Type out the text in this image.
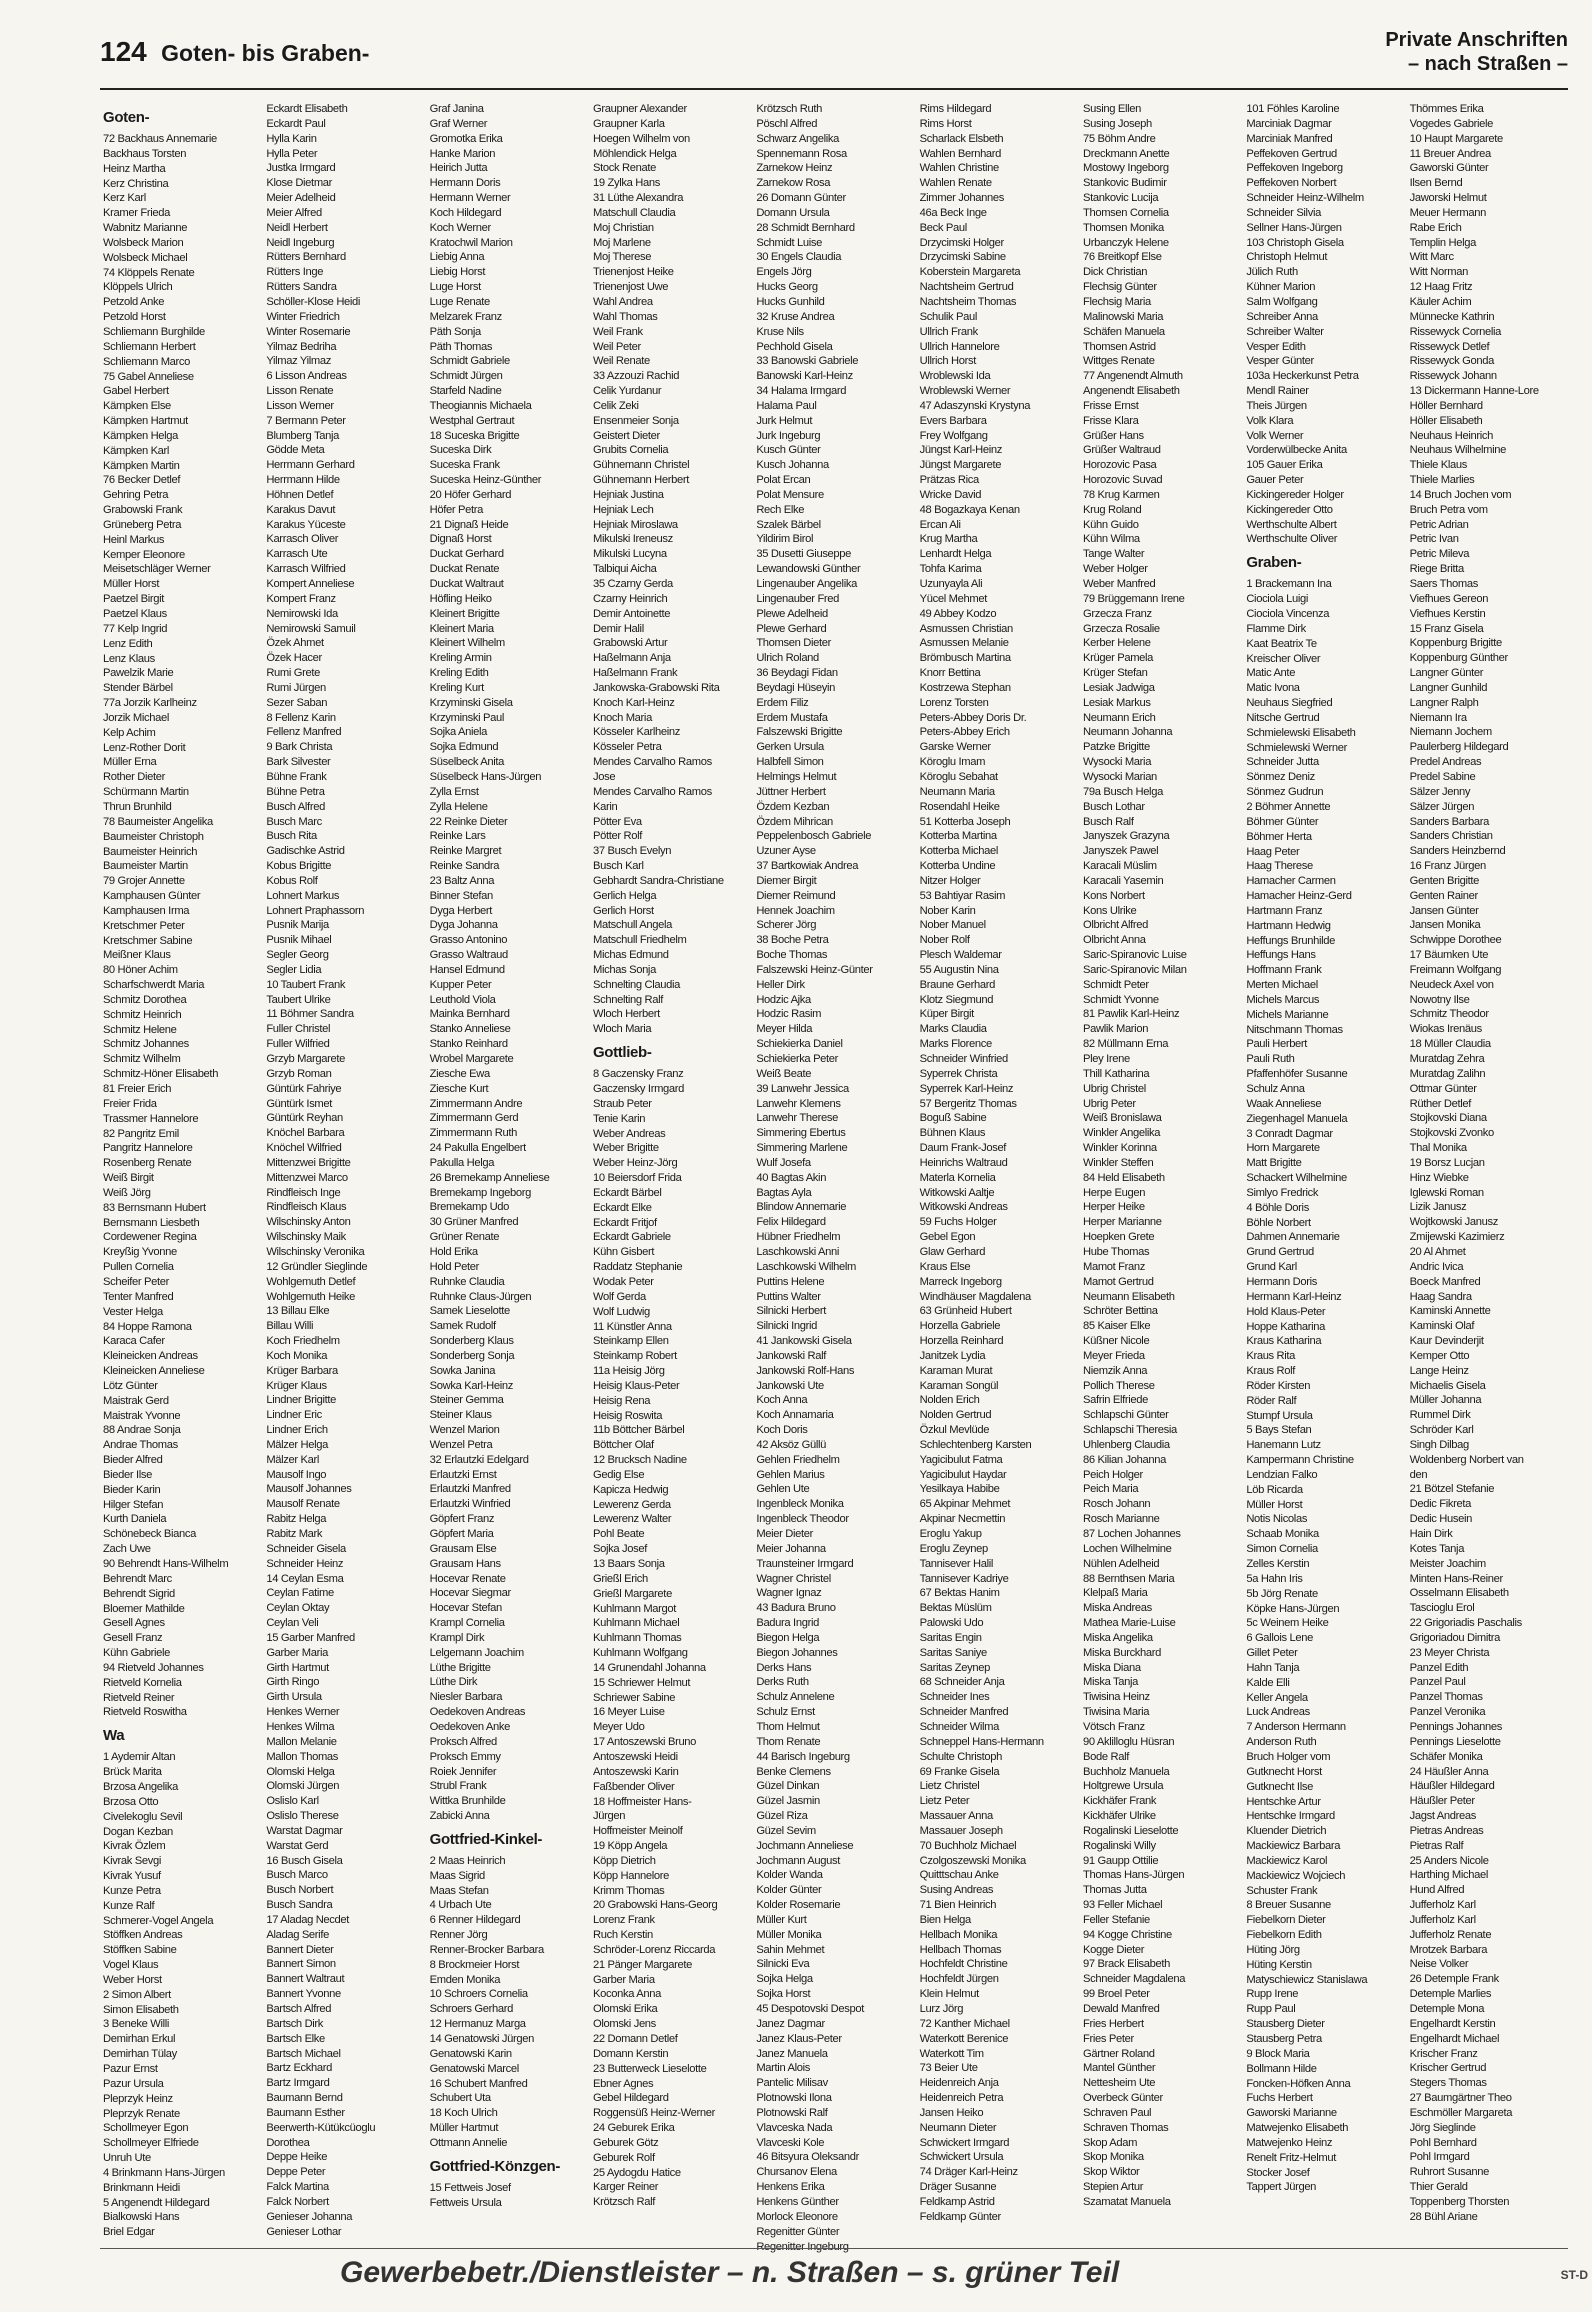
124 Goten- bis Graben-	Private Anschriften
– nach Straßen –
Goten-
72 Backhaus Annemarie
Backhaus Torsten
Heinz Martha
Kerz Christina
Kerz Karl
Kramer Frieda
Wabnitz Marianne
Wolsbeck Marion
Wolsbeck Michael
74 Klöppels Renate
Klöppels Ulrich
Petzold Anke
Petzold Horst
Schliemann Burghilde
Schliemann Herbert
Schliemann Marco
75 Gabel Anneliese
Gabel Herbert
Kämpken Else
Kämpken Hartmut
Kämpken Helga
Kämpken Karl
Kämpken Martin
76 Becker Detlef
Gehring Petra
Grabowski Frank
Grüneberg Petra
Heinl Markus
Kemper Eleonore
Meisetschläger Werner
Müller Horst
Paetzel Birgit
Paetzel Klaus
77 Kelp Ingrid
Lenz Edith
Lenz Klaus
Pawelzik Marie
Stender Bärbel
77a Jorzik Karlheinz
Jorzik Michael
Kelp Achim
Lenz-Rother Dorit
Müller Erna
Rother Dieter
Schürmann Martin
Thrun Brunhild
78 Baumeister Angelika
Baumeister Christoph
Baumeister Heinrich
Baumeister Martin
79 Grojer Annette
Kamphausen Günter
Kamphausen Irma
Kretschmer Peter
Kretschmer Sabine
Meißner Klaus
80 Höner Achim
Scharfschwerdt Maria
Schmitz Dorothea
Schmitz Heinrich
Schmitz Helene
Schmitz Johannes
Schmitz Wilhelm
Schmitz-Höner Elisabeth
81 Freier Erich
Freier Frida
Trassmer Hannelore
82 Pangritz Emil
Pangritz Hannelore
Rosenberg Renate
Weiß Birgit
Weiß Jörg
83 Bernsmann Hubert
Bernsmann Liesbeth
Cordewener Regina
Kreyßig Yvonne
Pullen Cornelia
Scheifer Peter
Tenter Manfred
Vester Helga
84 Hoppe Ramona
Karaca Cafer
Kleineicken Andreas
Kleineicken Anneliese
Lötz Günter
Maistrak Gerd
Maistrak Yvonne
88 Andrae Sonja
Andrae Thomas
Bieder Alfred
Bieder Ilse
Bieder Karin
Hilger Stefan
Kurth Daniela
Schönebeck Bianca
Zach Uwe
90 Behrendt Hans-Wilhelm
Behrendt Marc
Behrendt Sigrid
Bloemer Mathilde
Gesell Agnes
Gesell Franz
Kühn Gabriele
94 Rietveld Johannes
Rietveld Kornelia
Rietveld Reiner
Rietveld Roswitha
Wa
1 Aydemir Altan
Brück Marita
Brzosa Angelika
Brzosa Otto
Civelekoglu Sevil
Dogan Kezban
Kivrak Özlem
Kivrak Sevgi
Kivrak Yusuf
Kunze Petra
Kunze Ralf
Schmerer-Vogel Angela
Stöffken Andreas
Stöffken Sabine
Vogel Klaus
Weber Horst
2 Simon Albert
Simon Elisabeth
3 Beneke Willi
Demirhan Erkul
Demirhan Tülay
Pazur Ernst
Pazur Ursula
Pleprzyk Heinz
Pleprzyk Renate
Schollmeyer Egon
Schollmeyer Elfriede
Unruh Ute
4 Brinkmann Hans-Jürgen
Brinkmann Heidi
5 Angenendt Hildegard
Bialkowski Hans
Briel Edgar
Eckardt Elisabeth
Eckardt Paul
Hylla Karin
Hylla Peter
Justka Irmgard
Klose Dietmar
Meier Adelheid
Meier Alfred
Neidl Herbert
Neidl Ingeburg
Rütters Bernhard
Rütters Inge
Rütters Sandra
Schöller-Klose Heidi
Winter Friedrich
Winter Rosemarie
Yilmaz Bedriha
Yilmaz Yilmaz
6 Lisson Andreas
Lisson Renate
Lisson Werner
7 Bermann Peter
Blumberg Tanja
Gödde Meta
Herrmann Gerhard
Herrmann Hilde
Höhnen Detlef
Karakus Davut
Karakus Yüceste
Karrasch Oliver
Karrasch Ute
Karrasch Wilfried
Kompert Anneliese
Kompert Franz
Nemirowski Ida
Nemirowski Samuil
Özek Ahmet
Özek Hacer
Rumi Grete
Rumi Jürgen
Sezer Saban
8 Fellenz Karin
Fellenz Manfred
9 Bark Christa
Bark Silvester
Bühne Frank
Bühne Petra
Busch Alfred
Busch Marc
Busch Rita
Gadischke Astrid
Kobus Brigitte
Kobus Rolf
Lohnert Markus
Lohnert Praphassorn
Pusnik Marija
Pusnik Mihael
Segler Georg
Segler Lidia
10 Taubert Frank
Taubert Ulrike
11 Böhmer Sandra
Fuller Christel
Fuller Wilfried
Grzyb Margarete
Grzyb Roman
Güntürk Fahriye
Güntürk Ismet
Güntürk Reyhan
Knöchel Barbara
Knöchel Wilfried
Mittenzwei Brigitte
Mittenzwei Marco
Rindfleisch Inge
Rindfleisch Klaus
Wilschinsky Anton
Wilschinsky Maik
Wilschinsky Veronika
12 Gründler Sieglinde
Wohlgemuth Detlef
Wohlgemuth Heike
13 Billau Elke
Billau Willi
Koch Friedhelm
Koch Monika
Krüger Barbara
Krüger Klaus
Lindner Brigitte
Lindner Eric
Lindner Erich
Mälzer Helga
Mälzer Karl
Mausolf Ingo
Mausolf Johannes
Mausolf Renate
Rabitz Helga
Rabitz Mark
Schneider Gisela
Schneider Heinz
14 Ceylan Esma
Ceylan Fatime
Ceylan Oktay
Ceylan Veli
15 Garber Manfred
Garber Maria
Girth Hartmut
Girth Ringo
Girth Ursula
Henkes Werner
Henkes Wilma
Mallon Melanie
Mallon Thomas
Olomski Helga
Olomski Jürgen
Oslislo Karl
Oslislo Therese
Warstat Dagmar
Warstat Gerd
16 Busch Gisela
Busch Marco
Busch Norbert
Busch Sandra
17 Aladag Necdet
Aladag Serife
Bannert Dieter
Bannert Simon
Bannert Waltraut
Bannert Yvonne
Bartsch Alfred
Bartsch Dirk
Bartsch Elke
Bartsch Michael
Bartz Eckhard
Bartz Irmgard
Baumann Bernd
Baumann Esther
Beerwerth-Kütükcüoglu
Dorothea
Deppe Heike
Deppe Peter
Falck Martina
Falck Norbert
Genieser Johanna
Genieser Lothar
Graf Janina
Graf Werner
Gromotka Erika
Hanke Marion
Heirich Jutta
Hermann Doris
Hermann Werner
Koch Hildegard
Koch Werner
Kratochwil Marion
Liebig Anna
Liebig Horst
Luge Horst
Luge Renate
Melzarek Franz
Päth Sonja
Päth Thomas
Schmidt Gabriele
Schmidt Jürgen
Starfeld Nadine
Theogiannis Michaela
Westphal Gertraut
18 Suceska Brigitte
Suceska Dirk
Suceska Frank
Suceska Heinz-Günther
20 Höfer Gerhard
Höfer Petra
21 Dignaß Heide
Dignaß Horst
Duckat Gerhard
Duckat Renate
Duckat Waltraut
Höfling Heiko
Kleinert Brigitte
Kleinert Maria
Kleinert Wilhelm
Kreling Armin
Kreling Edith
Kreling Kurt
Krzyminski Gisela
Krzyminski Paul
Sojka Aniela
Sojka Edmund
Süselbeck Anita
Süselbeck Hans-Jürgen
Zylla Ernst
Zylla Helene
22 Reinke Dieter
Reinke Lars
Reinke Margret
Reinke Sandra
23 Baltz Anna
Binner Stefan
Dyga Herbert
Dyga Johanna
Grasso Antonino
Grasso Waltraud
Hansel Edmund
Kupper Peter
Leuthold Viola
Mainka Bernhard
Stanko Anneliese
Stanko Reinhard
Wrobel Margarete
Ziesche Ewa
Ziesche Kurt
Zimmermann Andre
Zimmermann Gerd
Zimmermann Ruth
24 Pakulla Engelbert
Pakulla Helga
26 Bremekamp Anneliese
Bremekamp Ingeborg
Bremekamp Udo
30 Grüner Manfred
Grüner Renate
Hold Erika
Hold Peter
Ruhnke Claudia
Ruhnke Claus-Jürgen
Samek Lieselotte
Samek Rudolf
Sonderberg Klaus
Sonderberg Sonja
Sowka Janina
Sowka Karl-Heinz
Steiner Gemma
Steiner Klaus
Wenzel Marion
Wenzel Petra
32 Erlautzki Edelgard
Erlautzki Ernst
Erlautzki Manfred
Erlautzki Winfried
Göpfert Franz
Göpfert Maria
Grausam Else
Grausam Hans
Hocevar Renate
Hocevar Siegmar
Hocevar Stefan
Krampl Cornelia
Krampl Dirk
Lelgemann Joachim
Lüthe Brigitte
Lüthe Dirk
Niesler Barbara
Oedekoven Andreas
Oedekoven Anke
Proksch Alfred
Proksch Emmy
Roiek Jennifer
Strubl Frank
Wittka Brunhilde
Zabicki Anna
Gottfried-Kinkel-
2 Maas Heinrich
Maas Sigrid
Maas Stefan
4 Urbach Ute
6 Renner Hildegard
Renner Jörg
Renner-Brocker Barbara
8 Brockmeier Horst
Emden Monika
10 Schroers Cornelia
Schroers Gerhard
12 Hermanuz Marga
14 Genatowski Jürgen
Genatowski Karin
Genatowski Marcel
16 Schubert Manfred
Schubert Uta
18 Koch Ulrich
Müller Hartmut
Ottmann Annelie
Gottfried-Könzgen-
15 Fettweis Josef
Fettweis Ursula
Graupner Alexander
Graupner Karla
Hoegen Wilhelm von
Möhlendick Helga
Stock Renate
19 Zylka Hans
31 Lüthe Alexandra
Matschull Claudia
Moj Christian
Moj Marlene
Moj Therese
Trienenjost Heike
Trienenjost Uwe
Wahl Andrea
Wahl Thomas
Weil Frank
Weil Peter
Weil Renate
33 Azzouzi Rachid
Celik Yurdanur
Celik Zeki
Ensenmeier Sonja
Geistert Dieter
Grubits Cornelia
Gühnemann Christel
Gühnemann Herbert
Hejniak Justina
Hejniak Lech
Hejniak Miroslawa
Mikulski Ireneusz
Mikulski Lucyna
Talbiqui Aicha
35 Czarny Gerda
Czarny Heinrich
Demir Antoinette
Demir Halil
Grabowski Artur
Haßelmann Anja
Haßelmann Frank
Jankowska-Grabowski Rita
Knoch Karl-Heinz
Knoch Maria
Kösseler Karlheinz
Kösseler Petra
Mendes Carvalho Ramos
Jose
Mendes Carvalho Ramos
Karin
Pötter Eva
Pötter Rolf
37 Busch Evelyn
Busch Karl
Gebhardt Sandra-Christiane
Gerlich Helga
Gerlich Horst
Matschull Angela
Matschull Friedhelm
Michas Edmund
Michas Sonja
Schnelting Claudia
Schnelting Ralf
Wloch Herbert
Wloch Maria
Gottlieb-
8 Gaczensky Franz
Gaczensky Irmgard
Straub Peter
Tenie Karin
Weber Andreas
Weber Brigitte
Weber Heinz-Jörg
10 Beiersdorf Frida
Eckardt Bärbel
Eckardt Elke
Eckardt Fritjof
Eckardt Gabriele
Kühn Gisbert
Raddatz Stephanie
Wodak Peter
Wolf Gerda
Wolf Ludwig
11 Künstler Anna
Steinkamp Ellen
Steinkamp Robert
11a Heisig Jörg
Heisig Klaus-Peter
Heisig Rena
Heisig Roswita
11b Böttcher Bärbel
Böttcher Olaf
12 Brucksch Nadine
Gedig Else
Kapicza Hedwig
Lewerenz Gerda
Lewerenz Walter
Pohl Beate
Sojka Josef
13 Baars Sonja
Grießl Erich
Grießl Margarete
Kuhlmann Margot
Kuhlmann Michael
Kuhlmann Thomas
Kuhlmann Wolfgang
14 Grunendahl Johanna
15 Schriewer Helmut
Schriewer Sabine
16 Meyer Luise
Meyer Udo
17 Antoszewski Bruno
Antoszewski Heidi
Antoszewski Karin
Faßbender Oliver
18 Hoffmeister Hans-
Jürgen
Hoffmeister Meinolf
19 Köpp Angela
Köpp Dietrich
Köpp Hannelore
Krimm Thomas
20 Grabowski Hans-Georg
Lorenz Frank
Ruch Kerstin
Schröder-Lorenz Riccarda
21 Pänger Margarete
Garber Maria
Koconka Anna
Olomski Erika
Olomski Jens
22 Domann Detlef
Domann Kerstin
23 Butterweck Lieselotte
Ebner Agnes
Gebel Hildegard
Roggensüß Heinz-Werner
24 Geburek Erika
Geburek Götz
Geburek Rolf
25 Aydogdu Hatice
Karger Reiner
Krötzsch Ralf
Krötzsch Ruth
Pöschl Alfred
Schwarz Angelika
Spennemann Rosa
Zarnekow Heinz
Zarnekow Rosa
26 Domann Günter
Domann Ursula
28 Schmidt Bernhard
Schmidt Luise
30 Engels Claudia
Engels Jörg
Hucks Georg
Hucks Gunhild
32 Kruse Andrea
Kruse Nils
Pechhold Gisela
33 Banowski Gabriele
Banowski Karl-Heinz
34 Halama Irmgard
Halama Paul
Jurk Helmut
Jurk Ingeburg
Kusch Günter
Kusch Johanna
Polat Ercan
Polat Mensure
Rech Elke
Szalek Bärbel
Yildirim Birol
35 Dusetti Giuseppe
Lewandowski Günther
Lingenauber Angelika
Lingenauber Fred
Plewe Adelheid
Plewe Gerhard
Thomsen Dieter
Ulrich Roland
36 Beydagi Fidan
Beydagi Hüseyin
Erdem Filiz
Erdem Mustafa
Falszewski Brigitte
Gerken Ursula
Halbfell Simon
Helmings Helmut
Jüttner Herbert
Özdem Kezban
Özdem Mihrican
Peppelenbosch Gabriele
Uzuner Ayse
37 Bartkowiak Andrea
Diemer Birgit
Diemer Reimund
Hennek Joachim
Scherer Jörg
38 Boche Petra
Boche Thomas
Falszewski Heinz-Günter
Heller Dirk
Hodzic Ajka
Hodzic Rasim
Meyer Hilda
Schiekierka Daniel
Schiekierka Peter
Weiß Beate
39 Lanwehr Jessica
Lanwehr Klemens
Lanwehr Therese
Simmering Ebertus
Simmering Marlene
Wulf Josefa
40 Bagtas Akin
Bagtas Ayla
Blindow Annemarie
Felix Hildegard
Hübner Friedhelm
Laschkowski Anni
Laschkowski Wilhelm
Puttins Helene
Puttins Walter
Silnicki Herbert
Silnicki Ingrid
41 Jankowski Gisela
Jankowski Ralf
Jankowski Rolf-Hans
Jankowski Ute
Koch Anna
Koch Annamaria
Koch Doris
42 Aksöz Güllü
Gehlen Friedhelm
Gehlen Marius
Gehlen Ute
Ingenbleck Monika
Ingenbleck Theodor
Meier Dieter
Meier Johanna
Traunsteiner Irmgard
Wagner Christel
Wagner Ignaz
43 Badura Bruno
Badura Ingrid
Biegon Helga
Biegon Johannes
Derks Hans
Derks Ruth
Schulz Annelene
Schulz Ernst
Thom Helmut
Thom Renate
44 Barisch Ingeburg
Benke Clemens
Güzel Dinkan
Güzel Jasmin
Güzel Riza
Güzel Sevim
Jochmann Anneliese
Jochmann August
Kolder Wanda
Kolder Günter
Kolder Rosemarie
Müller Kurt
Müller Monika
Sahin Mehmet
Silnicki Eva
Sojka Helga
Sojka Horst
45 Despotovski Despot
Janez Dagmar
Janez Klaus-Peter
Janez Manuela
Martin Alois
Pantelic Milisav
Plotnowski Ilona
Plotnowski Ralf
Vlavceska Nada
Vlavceski Kole
46 Bitsyura Oleksandr
Chursanov Elena
Henkens Erika
Henkens Günther
Morlock Eleonore
Regenitter Günter
Regenitter Ingeburg
Rims Hildegard
Rims Horst
Scharlack Elsbeth
Wahlen Bernhard
Wahlen Christine
Wahlen Renate
Zimmer Johannes
46a Beck Inge
Beck Paul
Drzycimski Holger
Drzycimski Sabine
Koberstein Margareta
Nachtsheim Gertrud
Nachtsheim Thomas
Schulik Paul
Ullrich Frank
Ullrich Hannelore
Ullrich Horst
Wroblewski Ida
Wroblewski Werner
47 Adaszynski Krystyna
Evers Barbara
Frey Wolfgang
Jüngst Karl-Heinz
Jüngst Margarete
Prätzas Rica
Wricke David
48 Bogazkaya Kenan
Ercan Ali
Krug Martha
Lenhardt Helga
Tohfa Karima
Uzunyayla Ali
Yücel Mehmet
49 Abbey Kodzo
Asmussen Christian
Asmussen Melanie
Brömbusch Martina
Knorr Bettina
Kostrzewa Stephan
Lorenz Torsten
Peters-Abbey Doris Dr.
Peters-Abbey Erich
Garske Werner
Köroglu Imam
Köroglu Sebahat
Neumann Maria
Rosendahl Heike
51 Kotterba Joseph
Kotterba Martina
Kotterba Michael
Kotterba Undine
Nitzer Holger
53 Bahtiyar Rasim
Nober Karin
Nober Manuel
Nober Rolf
Plesch Waldemar
55 Augustin Nina
Braune Gerhard
Klotz Siegmund
Küper Birgit
Marks Claudia
Marks Florence
Schneider Winfried
Syperrek Christa
Syperrek Karl-Heinz
57 Bergeritz Thomas
Boguß Sabine
Bühnen Klaus
Daum Frank-Josef
Heinrichs Waltraud
Materla Kornelia
Witkowski Aaltje
Witkowski Andreas
59 Fuchs Holger
Gebel Egon
Glaw Gerhard
Kraus Else
Marreck Ingeborg
Windhäuser Magdalena
63 Grünheid Hubert
Horzella Gabriele
Horzella Reinhard
Janitzek Lydia
Karaman Murat
Karaman Songül
Nolden Erich
Nolden Gertrud
Özkul Mevlüde
Schlechtenberg Karsten
Yagicibulut Fatma
Yagicibulut Haydar
Yesilkaya Habibe
65 Akpinar Mehmet
Akpinar Necmettin
Eroglu Yakup
Eroglu Zeynep
Tannisever Halil
Tannisever Kadriye
67 Bektas Hanim
Bektas Müslüm
Palowski Udo
Saritas Engin
Saritas Saniye
Saritas Zeynep
68 Schneider Anja
Schneider Ines
Schneider Manfred
Schneider Wilma
Schneppel Hans-Hermann
Schulte Christoph
69 Franke Gisela
Lietz Christel
Lietz Peter
Massauer Anna
Massauer Joseph
70 Buchholz Michael
Czolgoszewski Monika
Quitttschau Anke
Susing Andreas
71 Bien Heinrich
Bien Helga
Hellbach Monika
Hellbach Thomas
Hochfeldt Christine
Hochfeldt Jürgen
Klein Helmut
Lurz Jörg
72 Kanther Michael
Waterkott Berenice
Waterkott Tim
73 Beier Ute
Heidenreich Anja
Heidenreich Petra
Jansen Heiko
Neumann Dieter
Schwickert Irmgard
Schwickert Ursula
74 Dräger Karl-Heinz
Dräger Susanne
Feldkamp Astrid
Feldkamp Günter
Susing Ellen
Susing Joseph
75 Böhm Andre
Dreckmann Anette
Mostowy Ingeborg
Stankovic Budimir
Stankovic Lucija
Thomsen Cornelia
Thomsen Monika
Urbanczyk Helene
76 Breitkopf Else
Dick Christian
Flechsig Günter
Flechsig Maria
Malinowski Maria
Schäfen Manuela
Thomsen Astrid
Wittges Renate
77 Angenendt Almuth
Angenendt Elisabeth
Frisse Ernst
Frisse Klara
Grüßer Hans
Grüßer Waltraud
Horozovic Pasa
Horozovic Suvad
78 Krug Karmen
Krug Roland
Kühn Guido
Kühn Wilma
Tange Walter
Weber Holger
Weber Manfred
79 Brüggemann Irene
Grzecza Franz
Grzecza Rosalie
Kerber Helene
Krüger Pamela
Krüger Stefan
Lesiak Jadwiga
Lesiak Markus
Neumann Erich
Neumann Johanna
Patzke Brigitte
Wysocki Maria
Wysocki Marian
79a Busch Helga
Busch Lothar
Busch Ralf
Janyszek Grazyna
Janyszek Pawel
Karacali Müslim
Karacali Yasemin
Kons Norbert
Kons Ulrike
Olbricht Alfred
Olbricht Anna
Saric-Spiranovic Luise
Saric-Spiranovic Milan
Schmidt Peter
Schmidt Yvonne
81 Pawlik Karl-Heinz
Pawlik Marion
82 Müllmann Erna
Pley Irene
Thill Katharina
Ubrig Christel
Ubrig Peter
Weiß Bronislawa
Winkler Angelika
Winkler Korinna
Winkler Steffen
84 Held Elisabeth
Herpe Eugen
Herper Heike
Herper Marianne
Hoepken Grete
Hube Thomas
Mamot Franz
Mamot Gertrud
Neumann Elisabeth
Schröter Bettina
85 Kaiser Elke
Küßner Nicole
Meyer Frieda
Niemzik Anna
Pollich Therese
Safrin Elfriede
Schlapschi Günter
Schlapschi Theresia
Uhlenberg Claudia
86 Kilian Johanna
Peich Holger
Peich Maria
Rosch Johann
Rosch Marianne
87 Lochen Johannes
Lochen Wilhelmine
Nühlen Adelheid
88 Bernthsen Maria
Klelpaß Maria
Miska Andreas
Mathea Marie-Luise
Miska Angelika
Miska Burckhard
Miska Diana
Miska Tanja
Tiwisina Heinz
Tiwisina Maria
Vötsch Franz
90 Aklilloglu Hüsran
Bode Ralf
Buchholz Manuela
Holtgrewe Ursula
Kickhäfer Frank
Kickhäfer Ulrike
Rogalinski Lieselotte
Rogalinski Willy
91 Gaupp Ottilie
Thomas Hans-Jürgen
Thomas Jutta
93 Feller Michael
Feller Stefanie
94 Kogge Christine
Kogge Dieter
97 Brack Elisabeth
Schneider Magdalena
99 Broel Peter
Dewald Manfred
Fries Herbert
Fries Peter
Gärtner Roland
Mantel Günther
Nettesheim Ute
Overbeck Günter
Schraven Paul
Schraven Thomas
Skop Adam
Skop Monika
Skop Wiktor
Stepien Artur
Szamatat Manuela
101 Föhles Karoline
Marciniak Dagmar
Marciniak Manfred
Peffekoven Gertrud
Peffekoven Ingeborg
Peffekoven Norbert
Schneider Heinz-Wilhelm
Schneider Silvia
Sellner Hans-Jürgen
103 Christoph Gisela
Christoph Helmut
Jülich Ruth
Kühner Marion
Salm Wolfgang
Schreiber Anna
Schreiber Walter
Vesper Edith
Vesper Günter
103a Heckerkunst Petra
Mendl Rainer
Theis Jürgen
Volk Klara
Volk Werner
Vorderwülbecke Anita
105 Gauer Erika
Gauer Peter
Kickingereder Holger
Kickingereder Otto
Werthschulte Albert
Werthschulte Oliver
Graben-
1 Brackemann Ina
Ciociola Luigi
Ciociola Vincenza
Flamme Dirk
Kaat Beatrix Te
Kreischer Oliver
Matic Ante
Matic Ivona
Neuhaus Siegfried
Nitsche Gertrud
Schmielewski Elisabeth
Schmielewski Werner
Schneider Jutta
Sönmez Deniz
Sönmez Gudrun
2 Böhmer Annette
Böhmer Günter
Böhmer Herta
Haag Peter
Haag Therese
Hamacher Carmen
Hamacher Heinz-Gerd
Hartmann Franz
Hartmann Hedwig
Heffungs Brunhilde
Heffungs Hans
Hoffmann Frank
Merten Michael
Michels Marcus
Michels Marianne
Nitschmann Thomas
Pauli Herbert
Pauli Ruth
Pfaffenhöfer Susanne
Schulz Anna
Waak Anneliese
Ziegenhagel Manuela
3 Conradt Dagmar
Horn Margarete
Matt Brigitte
Schackert Wilhelmine
Simlyo Fredrick
4 Böhle Doris
Böhle Norbert
Dahmen Annemarie
Grund Gertrud
Grund Karl
Hermann Doris
Hermann Karl-Heinz
Hold Klaus-Peter
Hoppe Katharina
Kraus Katharina
Kraus Rita
Kraus Rolf
Röder Kirsten
Röder Ralf
Stumpf Ursula
5 Bays Stefan
Hanemann Lutz
Kampermann Christine
Lendzian Falko
Löb Ricarda
Müller Horst
Notis Nicolas
Schaab Monika
Simon Cornelia
Zelles Kerstin
5a Hahn Iris
5b Jörg Renate
Köpke Hans-Jürgen
5c Weinem Heike
6 Gallois Lene
Gillet Peter
Hahn Tanja
Kalde Elli
Keller Angela
Luck Andreas
7 Anderson Hermann
Anderson Ruth
Bruch Holger vom
Gutknecht Horst
Gutknecht Ilse
Hentschke Artur
Hentschke Irmgard
Kluender Dietrich
Mackiewicz Barbara
Mackiewicz Karol
Mackiewicz Wojciech
Schuster Frank
8 Breuer Susanne
Fiebelkorn Dieter
Fiebelkorn Edith
Hüting Jörg
Hüting Kerstin
Matyschiewicz Stanislawa
Rupp Irene
Rupp Paul
Stausberg Dieter
Stausberg Petra
9 Block Maria
Bollmann Hilde
Foncken-Höfken Anna
Fuchs Herbert
Gaworski Marianne
Matwejenko Elisabeth
Matwejenko Heinz
Renelt Fritz-Helmut
Stocker Josef
Tappert Jürgen
Thömmes Erika
Vogedes Gabriele
10 Haupt Margarete
11 Breuer Andrea
Gaworski Günter
Ilsen Bernd
Jaworski Helmut
Meuer Hermann
Rabe Erich
Templin Helga
Witt Marc
Witt Norman
12 Haag Fritz
Käuler Achim
Münnecke Kathrin
Rissewyck Cornelia
Rissewyck Detlef
Rissewyck Gonda
Rissewyck Johann
13 Dickermann Hanne-Lore
Höller Bernhard
Höller Elisabeth
Neuhaus Heinrich
Neuhaus Wilhelmine
Thiele Klaus
Thiele Marlies
14 Bruch Jochen vom
Bruch Petra vom
Petric Adrian
Petric Ivan
Petric Mileva
Riege Britta
Saers Thomas
Viefhues Gereon
Viefhues Kerstin
15 Franz Gisela
Koppenburg Brigitte
Koppenburg Günther
Langner Günter
Langner Gunhild
Langner Ralph
Niemann Ira
Niemann Jochem
Paulerberg Hildegard
Predel Andreas
Predel Sabine
Sälzer Jenny
Sälzer Jürgen
Sanders Barbara
Sanders Christian
Sanders Heinzbernd
16 Franz Jürgen
Genten Brigitte
Genten Rainer
Jansen Günter
Jansen Monika
Schwippe Dorothee
17 Bäumken Ute
Freimann Wolfgang
Neudeck Axel von
Nowotny Ilse
Schmitz Theodor
Wiokas Irenäus
18 Müller Claudia
Muratdag Zehra
Muratdag Zalihn
Ottmar Günter
Rüther Detlef
Stojkovski Diana
Stojkovski Zvonko
Thal Monika
19 Borsz Lucjan
Hinz Wiebke
Iglewski Roman
Lizik Janusz
Wojtkowski Janusz
Zmijewski Kazimierz
20 Al Ahmet
Andric Ivica
Boeck Manfred
Haag Sandra
Kaminski Annette
Kaminski Olaf
Kaur Devinderjit
Kemper Otto
Lange Heinz
Michaelis Gisela
Müller Johanna
Rummel Dirk
Schröder Karl
Singh Dilbag
Woldenberg Norbert van
den
21 Bötzel Stefanie
Dedic Fikreta
Dedic Husein
Hain Dirk
Kotes Tanja
Meister Joachim
Minten Hans-Reiner
Osselmann Elisabeth
Tascioglu Erol
22 Grigoriadis Paschalis
Grigoriadou Dimitra
23 Meyer Christa
Panzel Edith
Panzel Paul
Panzel Thomas
Panzel Veronika
Pennings Johannes
Pennings Lieselotte
Schäfer Monika
24 Häußler Anna
Häußler Hildegard
Häußler Peter
Jagst Andreas
Pietras Andreas
Pietras Ralf
25 Anders Nicole
Harthing Michael
Hund Alfred
Jufferholz Karl
Jufferholz Karl
Jufferholz Renate
Mrotzek Barbara
Neise Volker
26 Detemple Frank
Detemple Marlies
Detemple Mona
Engelhardt Kerstin
Engelhardt Michael
Krischer Franz
Krischer Gertrud
Stegers Thomas
27 Baumgärtner Theo
Eschmöller Margareta
Jörg Sieglinde
Pohl Bernhard
Pohl Irmgard
Ruhrort Susanne
Thier Gerald
Toppenberg Thorsten
28 Bühl Ariane
Gewerbebetr./Dienstleister – n. Straßen – s. grüner Teil	ST-D
